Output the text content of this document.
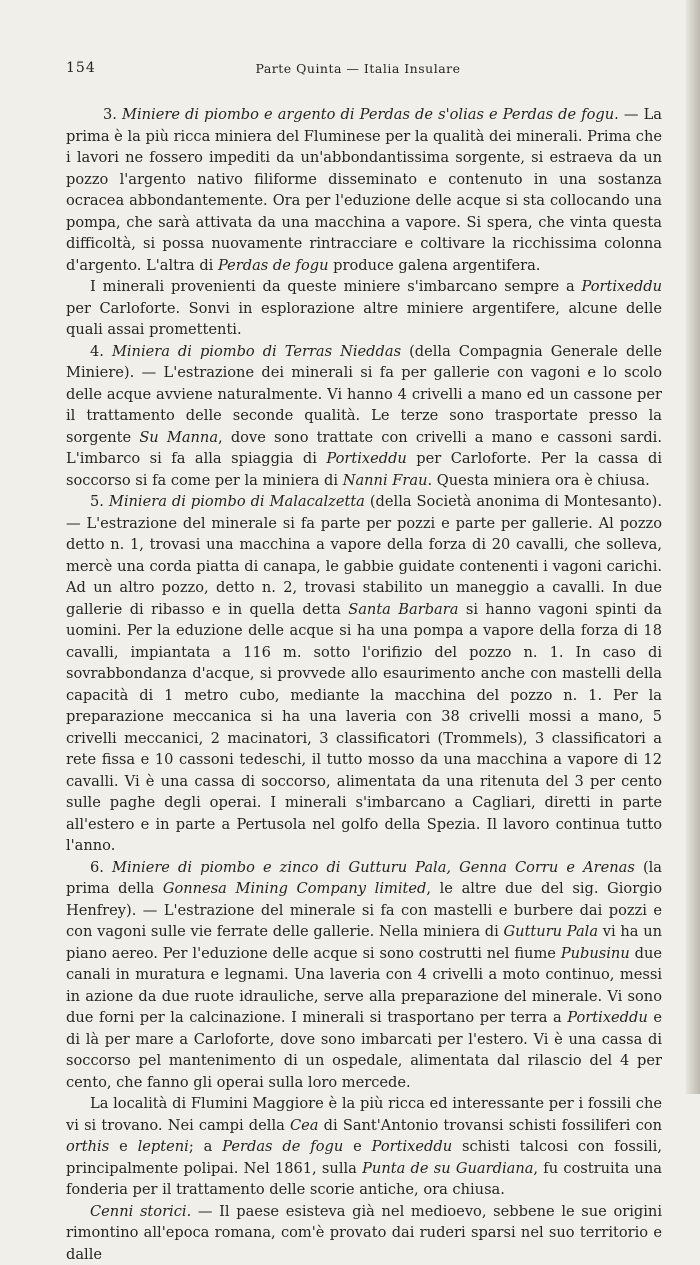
154	Parte Quinta — Italia Insulare

3. Miniere di piombo e argento di Perdas de s'olias e Perdas de fogu. — La prima è la più ricca miniera del Fluminese per la qualità dei minerali. Prima che i lavori ne fossero impediti da un'abbondantissima sorgente, si estraeva da un pozzo l'argento nativo filiforme disseminato e contenuto in una sostanza ocracea abbondantemente. Ora per l'eduzione delle acque si sta collocando una pompa, che sarà attivata da una macchina a vapore. Si spera, che vinta questa difficoltà, si possa nuovamente rintracciare e coltivare la ricchissima colonna d'argento. L'altra di Perdas de fogu produce galena argentifera.

I minerali provenienti da queste miniere s'imbarcano sempre a Portixeddu per Carloforte. Sonvi in esplorazione altre miniere argentifere, alcune delle quali assai promettenti.

4. Miniera di piombo di Terras Nieddas (della Compagnia Generale delle Miniere). — L'estrazione dei minerali si fa per gallerie con vagoni e lo scolo delle acque avviene naturalmente. Vi hanno 4 crivelli a mano ed un cassone per il trattamento delle seconde qualità. Le terze sono trasportate presso la sorgente Su Manna, dove sono trattate con crivelli a mano e cassoni sardi. L'imbarco si fa alla spiaggia di Portixeddu per Carloforte. Per la cassa di soccorso si fa come per la miniera di Nanni Frau. Questa miniera ora è chiusa.

5. Miniera di piombo di Malacalzetta (della Società anonima di Montesanto). — L'estrazione del minerale si fa parte per pozzi e parte per gallerie. Al pozzo detto n. 1, trovasi una macchina a vapore della forza di 20 cavalli, che solleva, mercè una corda piatta di canapa, le gabbie guidate contenenti i vagoni carichi. Ad un altro pozzo, detto n. 2, trovasi stabilito un maneggio a cavalli. In due gallerie di ribasso e in quella detta Santa Barbara si hanno vagoni spinti da uomini. Per la eduzione delle acque si ha una pompa a vapore della forza di 18 cavalli, impiantata a 116 m. sotto l'orifizio del pozzo n. 1. In caso di sovrabbondanza d'acque, si provvede allo esaurimento anche con mastelli della capacità di 1 metro cubo, mediante la macchina del pozzo n. 1. Per la preparazione meccanica si ha una laveria con 38 crivelli mossi a mano, 5 crivelli meccanici, 2 macinatori, 3 classificatori (Trommels), 3 classificatori a rete fissa e 10 cassoni tedeschi, il tutto mosso da una macchina a vapore di 12 cavalli. Vi è una cassa di soccorso, alimentata da una ritenuta del 3 per cento sulle paghe degli operai. I minerali s'imbarcano a Cagliari, diretti in parte all'estero e in parte a Pertusola nel golfo della Spezia. Il lavoro continua tutto l'anno.

6. Miniere di piombo e zinco di Gutturu Pala, Genna Corru e Arenas (la prima della Gonnesa Mining Company limited, le altre due del sig. Giorgio Henfrey). — L'estrazione del minerale si fa con mastelli e burbere dai pozzi e con vagoni sulle vie ferrate delle gallerie. Nella miniera di Gutturu Pala vi ha un piano aereo. Per l'eduzione delle acque si sono costrutti nel fiume Pubusinu due canali in muratura e legnami. Una laveria con 4 crivelli a moto continuo, messi in azione da due ruote idrauliche, serve alla preparazione del minerale. Vi sono due forni per la calcinazione. I minerali si trasportano per terra a Portixeddu e di là per mare a Carloforte, dove sono imbarcati per l'estero. Vi è una cassa di soccorso pel mantenimento di un ospedale, alimentata dal rilascio del 4 per cento, che fanno gli operai sulla loro mercede.

La località di Flumini Maggiore è la più ricca ed interessante per i fossili che vi si trovano. Nei campi della Cea di Sant'Antonio trovansi schisti fossiliferi con orthis e lepteni; a Perdas de fogu e Portixeddu schisti talcosi con fossili, principalmente polipai. Nel 1861, sulla Punta de su Guardiana, fu costruita una fonderia per il trattamento delle scorie antiche, ora chiusa.

Cenni storici. — Il paese esisteva già nel medioevo, sebbene le sue origini rimontino all'epoca romana, com'è provato dai ruderi sparsi nel suo territorio e dalle
